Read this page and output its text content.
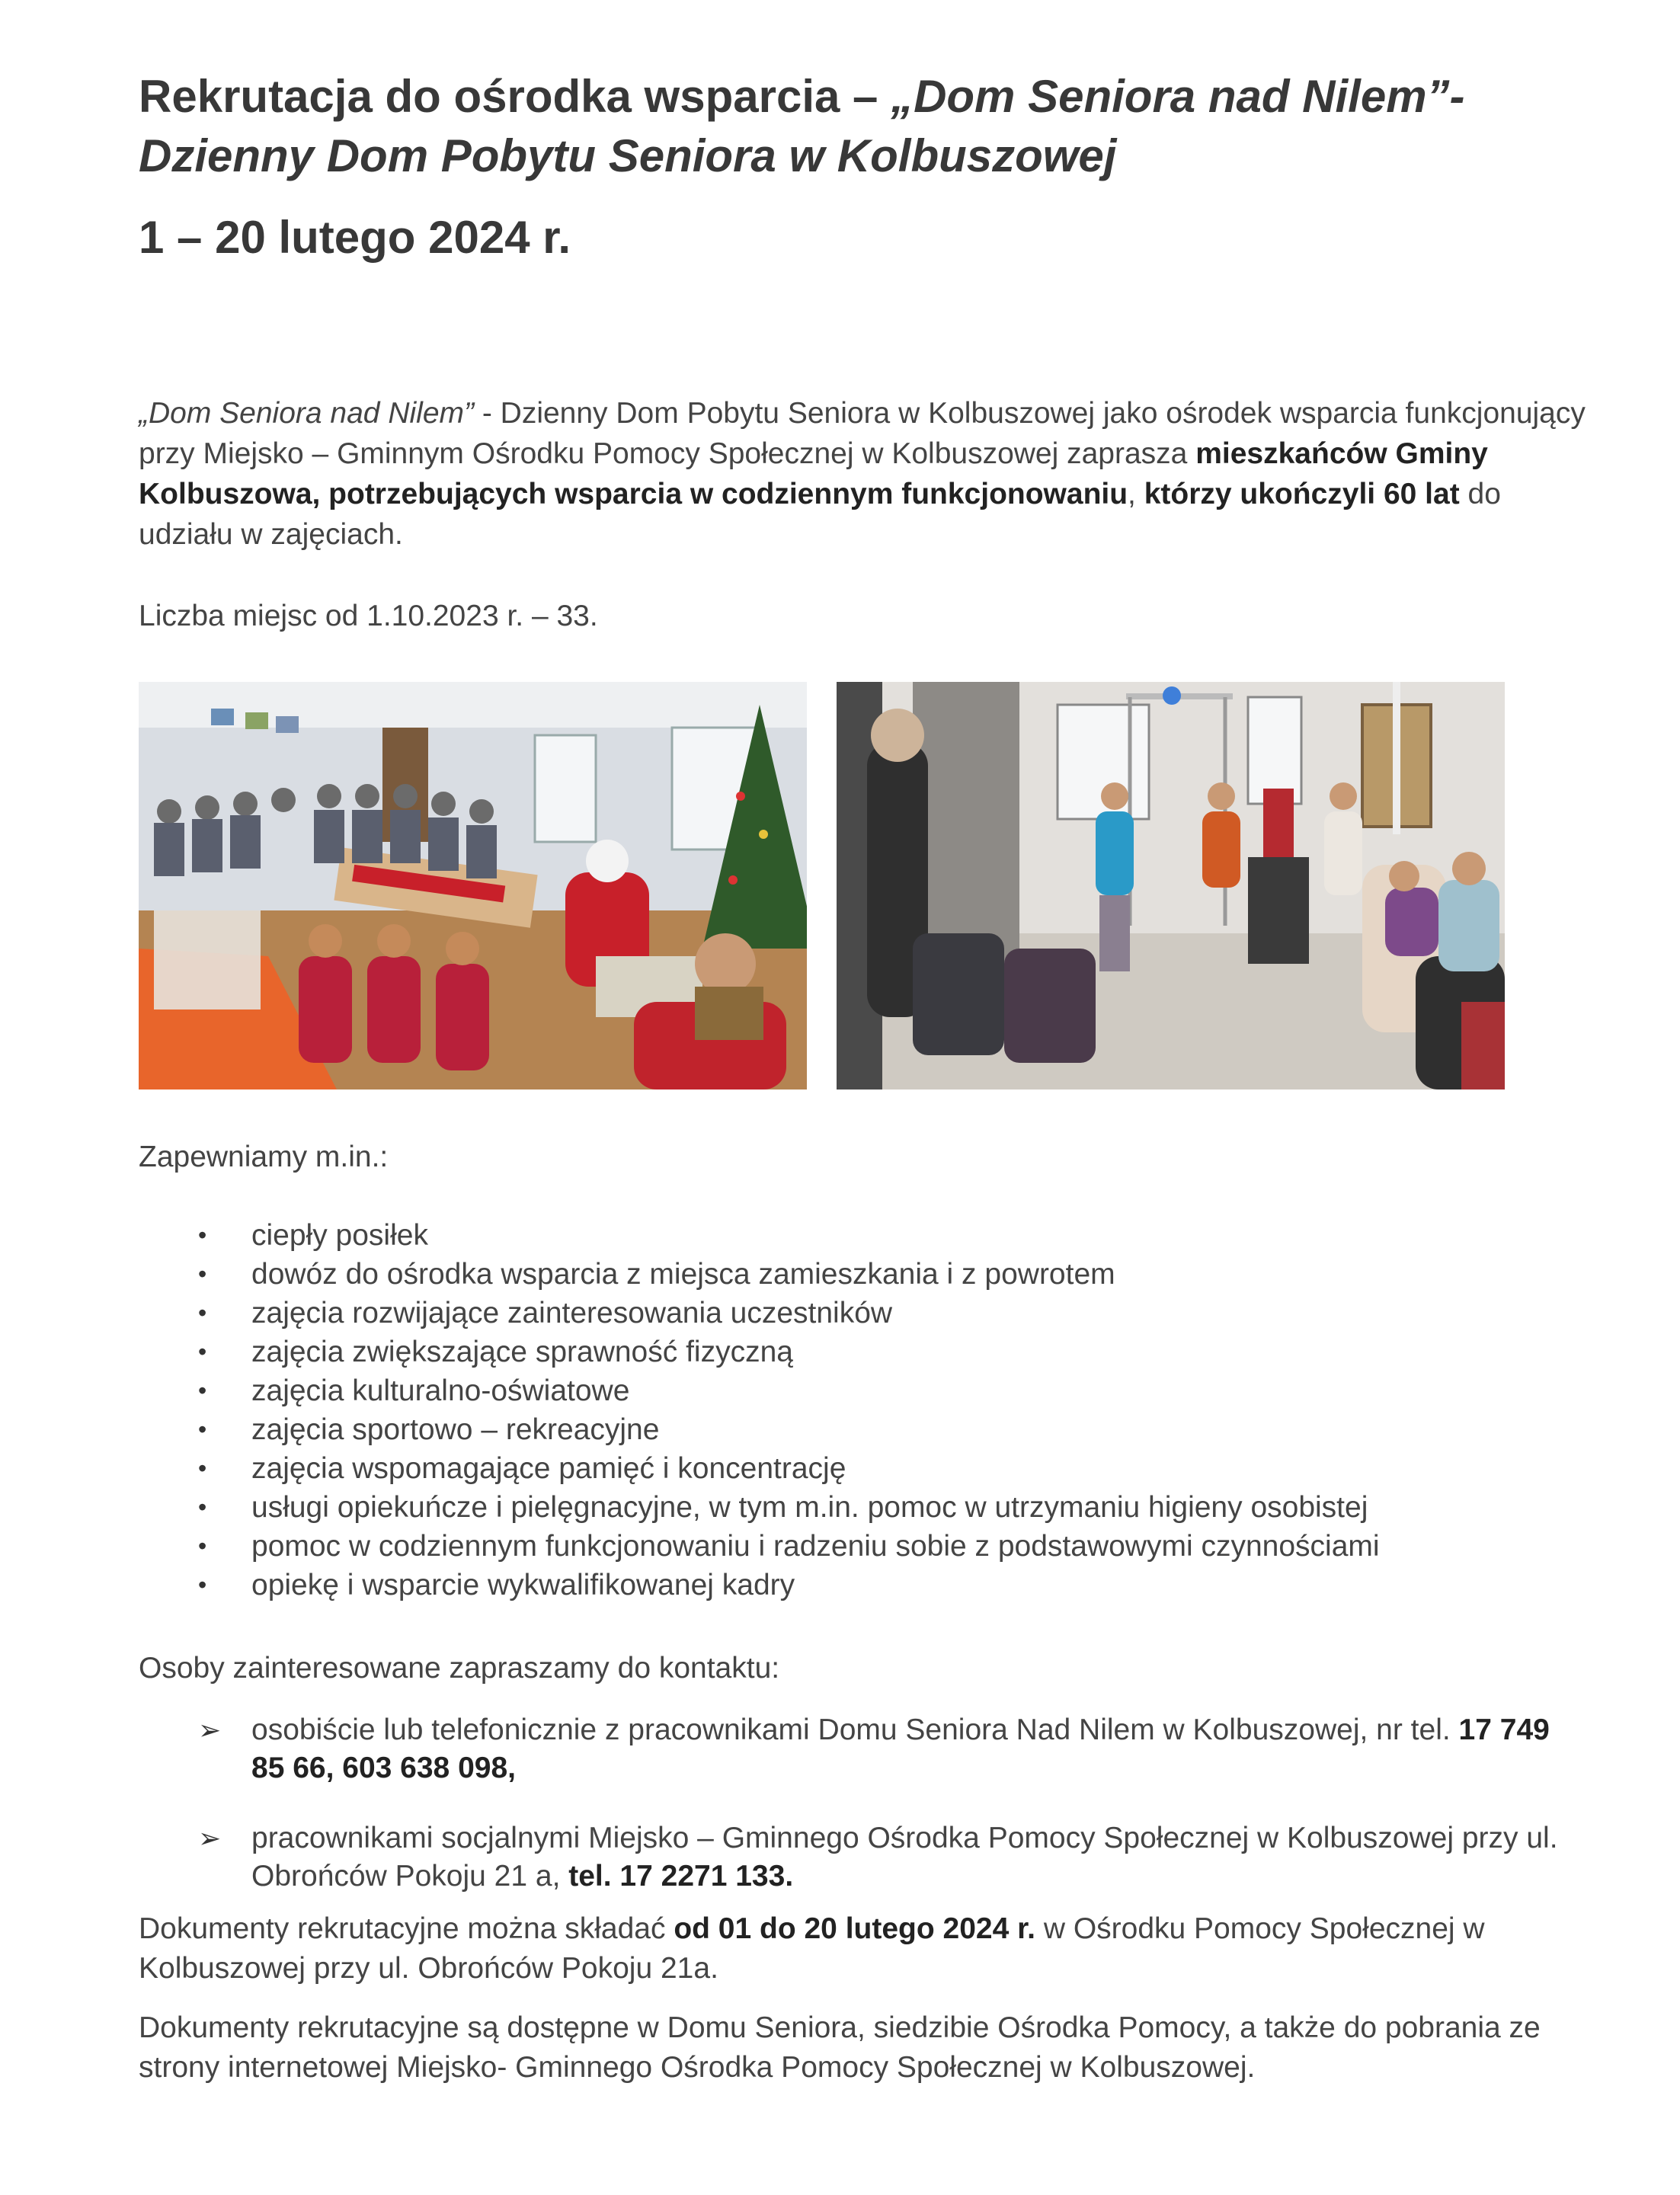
Rekrutacja do ośrodka wsparcia – „Dom Seniora nad Nilem”- Dzienny Dom Pobytu Seniora w Kolbuszowej
1 – 20 lutego 2024 r.

„Dom Seniora nad Nilem” - Dzienny Dom Pobytu Seniora w Kolbuszowej jako ośrodek wsparcia funkcjonujący przy Miejsko – Gminnym Ośrodku Pomocy Społecznej w Kolbuszowej zaprasza mieszkańców Gminy Kolbuszowa, potrzebujących wsparcia w codziennym funkcjonowaniu, którzy ukończyli 60 lat do udziału w zajęciach.

Liczba miejsc od 1.10.2023 r. – 33.

Zapewniamy m.in.:

• ciepły posiłek
• dowóz do ośrodka wsparcia z miejsca zamieszkania i z powrotem
• zajęcia rozwijające zainteresowania uczestników
• zajęcia zwiększające sprawność fizyczną
• zajęcia kulturalno-oświatowe
• zajęcia sportowo – rekreacyjne
• zajęcia wspomagające pamięć i koncentrację
• usługi opiekuńcze i pielęgnacyjne, w tym m.in. pomoc w utrzymaniu higieny osobistej
• pomoc w codziennym funkcjonowaniu i radzeniu sobie z podstawowymi czynnościami
• opiekę i wsparcie wykwalifikowanej kadry

Osoby zainteresowane zapraszamy do kontaktu:

➢ osobiście lub telefonicznie z pracownikami Domu Seniora Nad Nilem w Kolbuszowej, nr tel. 17 749 85 66, 603 638 098,
➢ pracownikami socjalnymi Miejsko – Gminnego Ośrodka Pomocy Społecznej w Kolbuszowej przy ul. Obrońców Pokoju 21 a, tel. 17 2271 133.

Dokumenty rekrutacyjne można składać od 01 do 20 lutego 2024 r. w Ośrodku Pomocy Społecznej w Kolbuszowej przy ul. Obrońców Pokoju 21a.

Dokumenty rekrutacyjne są dostępne w Domu Seniora, siedzibie Ośrodka Pomocy, a także do pobrania ze strony internetowej Miejsko- Gminnego Ośrodka Pomocy Społecznej w Kolbuszowej.
